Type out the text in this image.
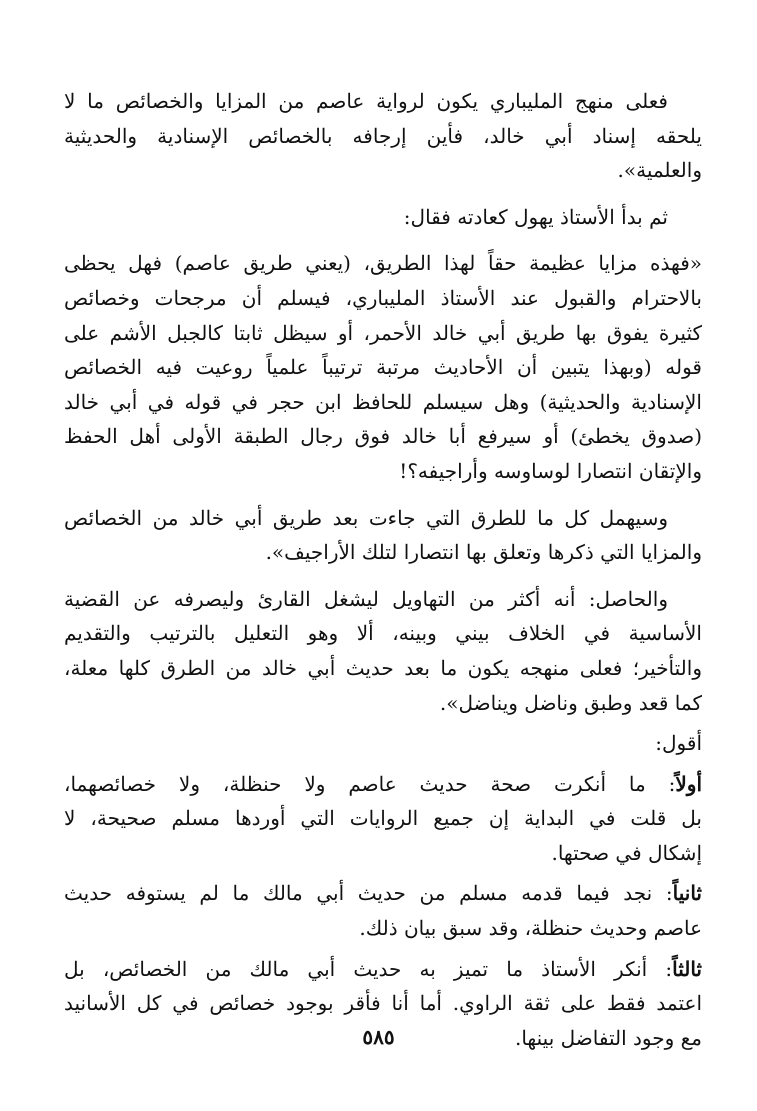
فعلى منهج المليباري يكون لرواية عاصم من المزايا والخصائص ما لا
يلحقه إسناد أبي خالد، فأين إرجافه بالخصائص الإسنادية والحديثية
والعلمية».

ثم بدأ الأستاذ يهول كعادته فقال:

«فهذه مزايا عظيمة حقاً لهذا الطريق، (يعني طريق عاصم) فهل يحظى
بالاحترام والقبول عند الأستاذ المليباري، فيسلم أن مرجحات وخصائص
كثيرة يفوق بها طريق أبي خالد الأحمر، أو سيظل ثابتا كالجبل الأشم على
قوله (وبهذا يتبين أن الأحاديث مرتبة ترتيباً علمياً روعيت فيه الخصائص
الإسنادية والحديثية) وهل سيسلم للحافظ ابن حجر في قوله في أبي خالد
(صدوق يخطئ) أو سيرفع أبا خالد فوق رجال الطبقة الأولى أهل الحفظ
والإتقان انتصارا لوساوسه وأراجيفه؟!

وسيهمل كل ما للطرق التي جاءت بعد طريق أبي خالد من الخصائص
والمزايا التي ذكرها وتعلق بها انتصارا لتلك الأراجيف».

والحاصل: أنه أكثر من التهاويل ليشغل القارئ وليصرفه عن القضية
الأساسية في الخلاف بيني وبينه، ألا وهو التعليل بالترتيب والتقديم
والتأخير؛ فعلى منهجه يكون ما بعد حديث أبي خالد من الطرق كلها معلة،
كما قعد وطبق وناضل ويناضل».

أقول:

أولاً: ما أنكرت صحة حديث عاصم ولا حنظلة، ولا خصائصهما،
بل قلت في البداية إن جميع الروايات التي أوردها مسلم صحيحة، لا
إشكال في صحتها.

ثانياً: نجد فيما قدمه مسلم من حديث أبي مالك ما لم يستوفه حديث
عاصم وحديث حنظلة، وقد سبق بيان ذلك.

ثالثاً: أنكر الأستاذ ما تميز به حديث أبي مالك من الخصائص، بل
اعتمد فقط على ثقة الراوي. أما أنا فأقر بوجود خصائص في كل الأسانيد
مع وجود التفاضل بينها.

٥٨٥
